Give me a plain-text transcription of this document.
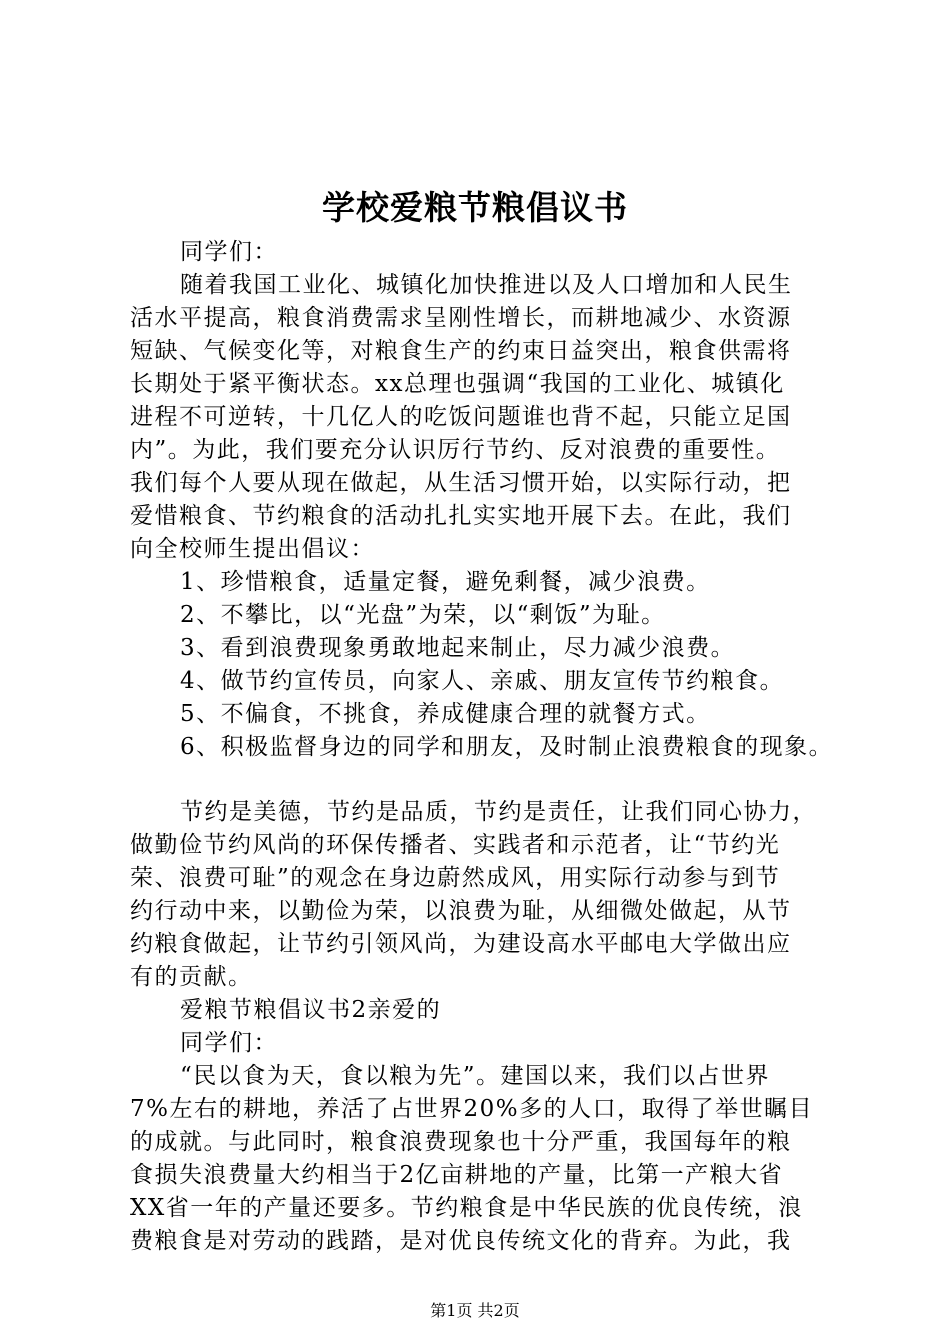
学校爱粮节粮倡议书
同学们：
随着我国工业化、城镇化加快推进以及人口增加和人民生
活水平提高，粮食消费需求呈刚性增长，而耕地减少、水资源
短缺、气候变化等，对粮食生产的约束日益突出，粮食供需将
长期处于紧平衡状态。xx总理也强调“我国的工业化、城镇化
进程不可逆转，十几亿人的吃饭问题谁也背不起，只能立足国
内”。为此，我们要充分认识厉行节约、反对浪费的重要性。
我们每个人要从现在做起，从生活习惯开始，以实际行动，把
爱惜粮食、节约粮食的活动扎扎实实地开展下去。在此，我们
向全校师生提出倡议：
1、珍惜粮食，适量定餐，避免剩餐，减少浪费。
2、不攀比，以“光盘”为荣，以“剩饭”为耻。
3、看到浪费现象勇敢地起来制止，尽力减少浪费。
4、做节约宣传员，向家人、亲戚、朋友宣传节约粮食。
5、不偏食，不挑食，养成健康合理的就餐方式。
6、积极监督身边的同学和朋友，及时制止浪费粮食的现象。
节约是美德，节约是品质，节约是责任，让我们同心协力，
做勤俭节约风尚的环保传播者、实践者和示范者，让“节约光
荣、浪费可耻”的观念在身边蔚然成风，用实际行动参与到节
约行动中来，以勤俭为荣，以浪费为耻，从细微处做起，从节
约粮食做起，让节约引领风尚，为建设高水平邮电大学做出应
有的贡献。
爱粮节粮倡议书2亲爱的
同学们：
“民以食为天，食以粮为先”。建国以来，我们以占世界
7%左右的耕地，养活了占世界20%多的人口，取得了举世瞩目
的成就。与此同时，粮食浪费现象也十分严重，我国每年的粮
食损失浪费量大约相当于2亿亩耕地的产量，比第一产粮大省
XX省一年的产量还要多。节约粮食是中华民族的优良传统，浪
费粮食是对劳动的践踏，是对优良传统文化的背弃。为此，我
第1页 共2页
